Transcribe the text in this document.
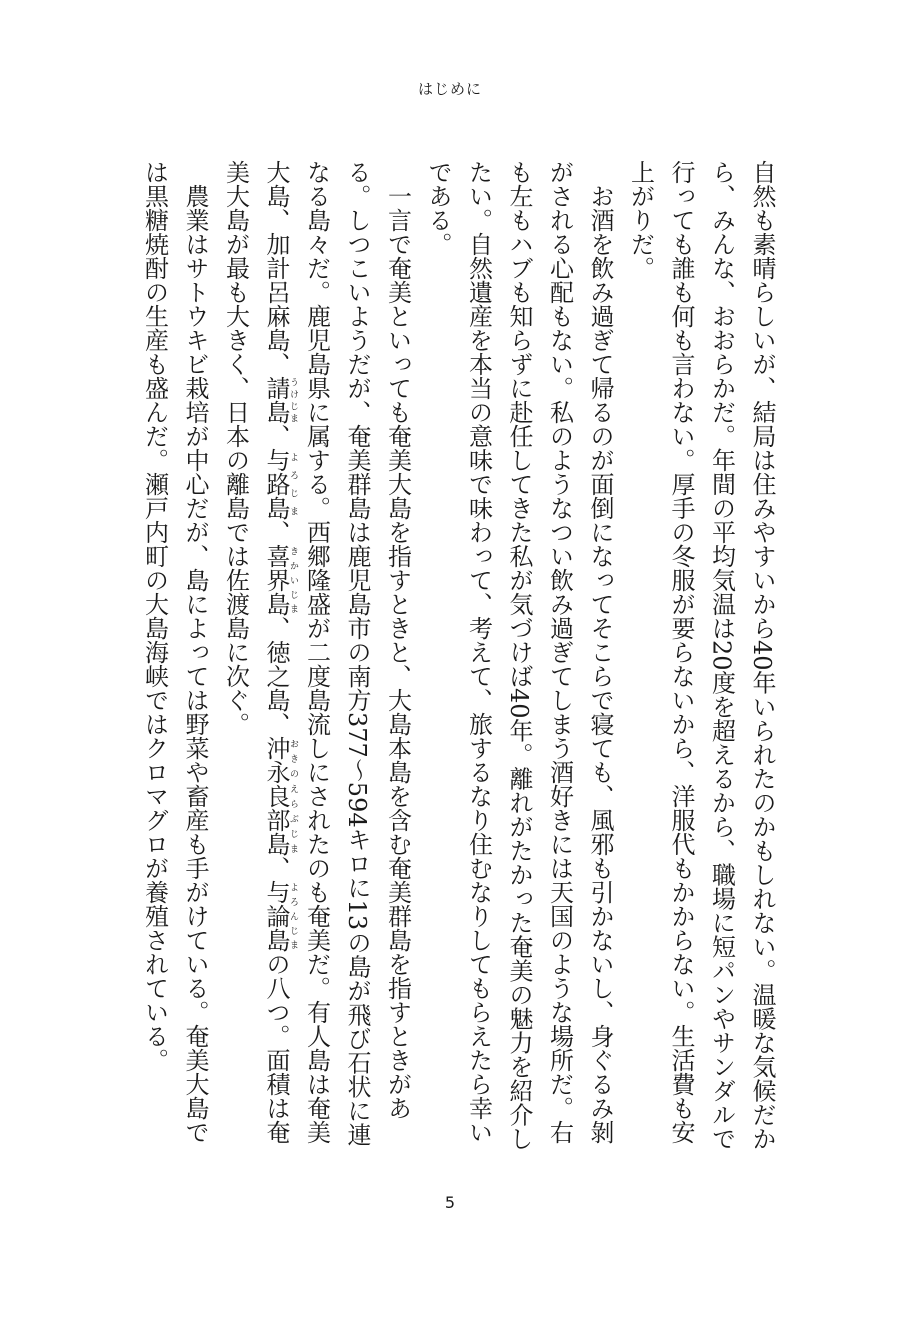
はじめに

自然も素晴らしいが、結局は住みやすいから40年いられたのかもしれない。温暖な気候だから、みんな、おおらかだ。年間の平均気温は20度を超えるから、職場に短パンやサンダルで行っても誰も何も言わない。厚手の冬服が要らないから、洋服代もかからない。生活費も安上がりだ。

お酒を飲み過ぎて帰るのが面倒になってそこらで寝ても、風邪も引かないし、身ぐるみ剝がされる心配もない。私のようなつい飲み過ぎてしまう酒好きには天国のような場所だ。右も左もハブも知らずに赴任してきた私が気づけば40年。離れがたかった奄美の魅力を紹介したい。自然遺産を本当の意味で味わって、考えて、旅するなり住むなりしてもらえたら幸いである。

一言で奄美といっても奄美大島を指すときと、大島本島を含む奄美群島を指すときがある。しつこいようだが、奄美群島は鹿児島市の南方377～594キロに13の島が飛び石状に連なる島々だ。鹿児島県に属する。西郷隆盛が二度島流しにされたのも奄美だ。有人島は奄美大島、加計呂麻島、請島うけじま、与路島よろじま、喜界島きかいじま、徳之島、沖永良部島おきのえらぶじま、与論島よろんじまの八つ。面積は奄美大島が最も大きく、日本の離島では佐渡島に次ぐ。

農業はサトウキビ栽培が中心だが、島によっては野菜や畜産も手がけている。奄美大島では黒糖焼酎の生産も盛んだ。瀬戸内町の大島海峡ではクロマグロが養殖されている。

5
